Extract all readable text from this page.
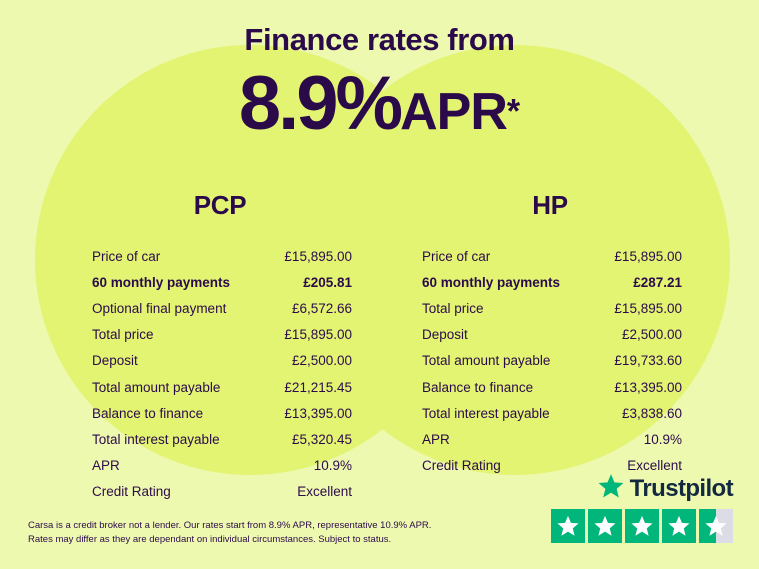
Finance rates from
8.9%APR*
PCP
Price of car	£15,895.00
60 monthly payments	£205.81
Optional final payment	£6,572.66
Total price	£15,895.00
Deposit	£2,500.00
Total amount payable	£21,215.45
Balance to finance	£13,395.00
Total interest payable	£5,320.45
APR	10.9%
Credit Rating	Excellent
HP
Price of car	£15,895.00
60 monthly payments	£287.21
Total price	£15,895.00
Deposit	£2,500.00
Total amount payable	£19,733.60
Balance to finance	£13,395.00
Total interest payable	£3,838.60
APR	10.9%
Credit Rating	Excellent
Carsa is a credit broker not a lender. Our rates start from 8.9% APR, representative 10.9% APR.
Rates may differ as they are dependant on individual circumstances. Subject to status.
Trustpilot
